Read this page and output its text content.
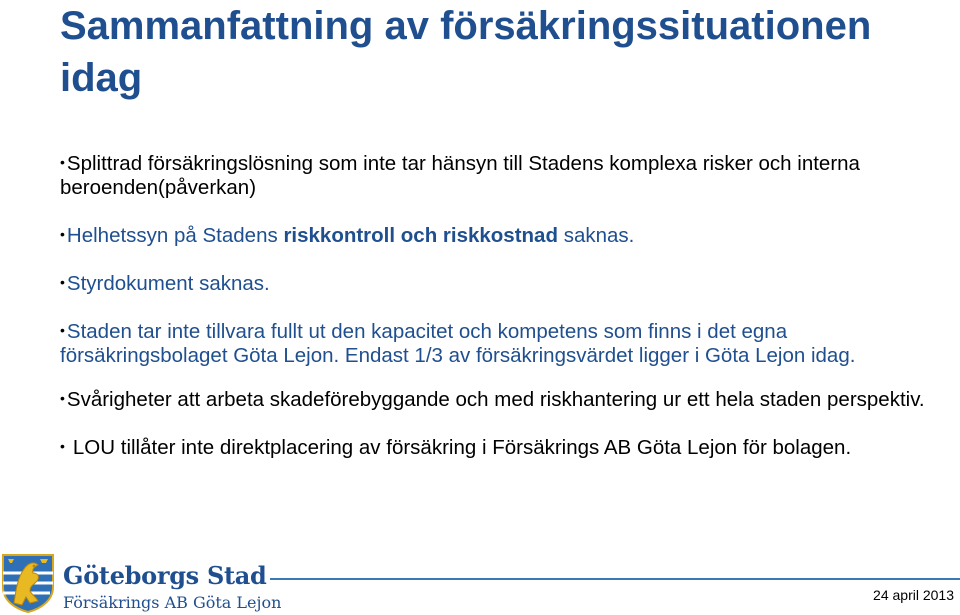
Sammanfattning av försäkringssituationen idag
•Splittrad försäkringslösning som inte tar hänsyn till Stadens komplexa risker och interna beroenden(påverkan)
•Helhetssyn på Stadens riskkontroll och riskkostnad saknas.
•Styrdokument saknas.
•Staden tar inte tillvara fullt ut den kapacitet och kompetens som finns i det egna försäkringsbolaget Göta Lejon. Endast 1/3 av försäkringsvärdet ligger i Göta Lejon idag.
•Svårigheter att arbeta skadeförebyggande och med riskhantering ur ett hela staden perspektiv.
• LOU tillåter inte direktplacering av försäkring i Försäkrings AB Göta Lejon för bolagen.
Göteborgs Stad
Försäkrings AB Göta Lejon	24 april 2013
